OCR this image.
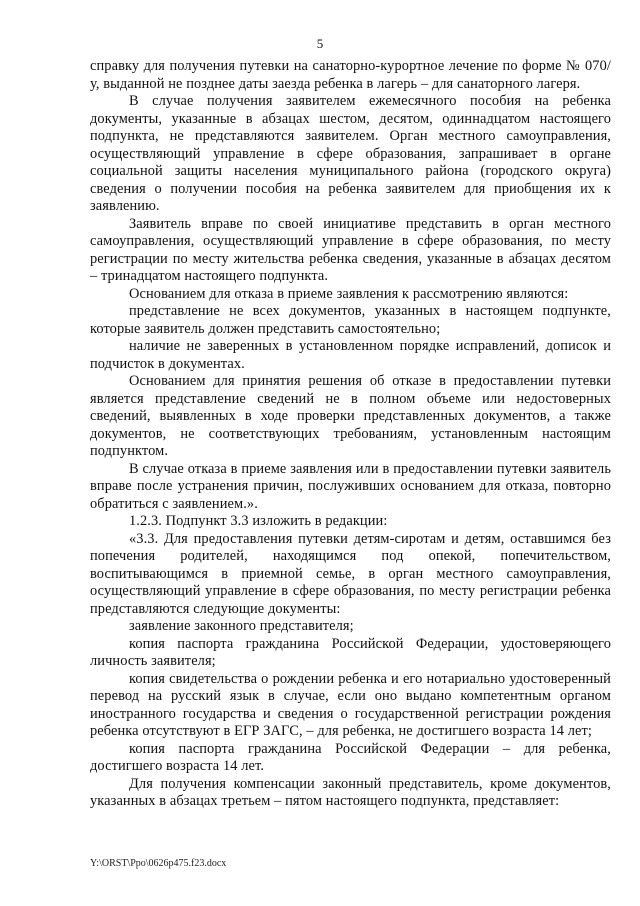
5

справку для получения путевки на санаторно-курортное лечение по форме № 070/у, выданной не позднее даты заезда ребенка в лагерь – для санаторного лагеря.

В случае получения заявителем ежемесячного пособия на ребенка документы, указанные в абзацах шестом, десятом, одиннадцатом настоящего подпункта, не представляются заявителем. Орган местного самоуправления, осуществляющий управление в сфере образования, запрашивает в органе социальной защиты населения муниципального района (городского округа) сведения о получении пособия на ребенка заявителем для приобщения их к заявлению.

Заявитель вправе по своей инициативе представить в орган местного самоуправления, осуществляющий управление в сфере образования, по месту регистрации по месту жительства ребенка сведения, указанные в абзацах десятом – тринадцатом настоящего подпункта.

Основанием для отказа в приеме заявления к рассмотрению являются:

представление не всех документов, указанных в настоящем подпункте, которые заявитель должен представить самостоятельно;

наличие не заверенных в установленном порядке исправлений, дописок и подчисток в документах.

Основанием для принятия решения об отказе в предоставлении путевки является представление сведений не в полном объеме или недостоверных сведений, выявленных в ходе проверки представленных документов, а также документов, не соответствующих требованиям, установленным настоящим подпунктом.

В случае отказа в приеме заявления или в предоставлении путевки заявитель вправе после устранения причин, послуживших основанием для отказа, повторно обратиться с заявлением.».

1.2.3. Подпункт 3.3 изложить в редакции:

«3.3. Для предоставления путевки детям-сиротам и детям, оставшимся без попечения родителей, находящимся под опекой, попечительством, воспитывающимся в приемной семье, в орган местного самоуправления, осуществляющий управление в сфере образования, по месту регистрации ребенка представляются следующие документы:

заявление законного представителя;

копия паспорта гражданина Российской Федерации, удостоверяющего личность заявителя;

копия свидетельства о рождении ребенка и его нотариально удостоверенный перевод на русский язык в случае, если оно выдано компетентным органом иностранного государства и сведения о государственной регистрации рождения ребенка отсутствуют в ЕГР ЗАГС, – для ребенка, не достигшего возраста 14 лет;

копия паспорта гражданина Российской Федерации – для ребенка, достигшего возраста 14 лет.

Для получения компенсации законный представитель, кроме документов, указанных в абзацах третьем – пятом настоящего подпункта, представляет:

Y:\ORST\Ppo\0626p475.f23.docx
